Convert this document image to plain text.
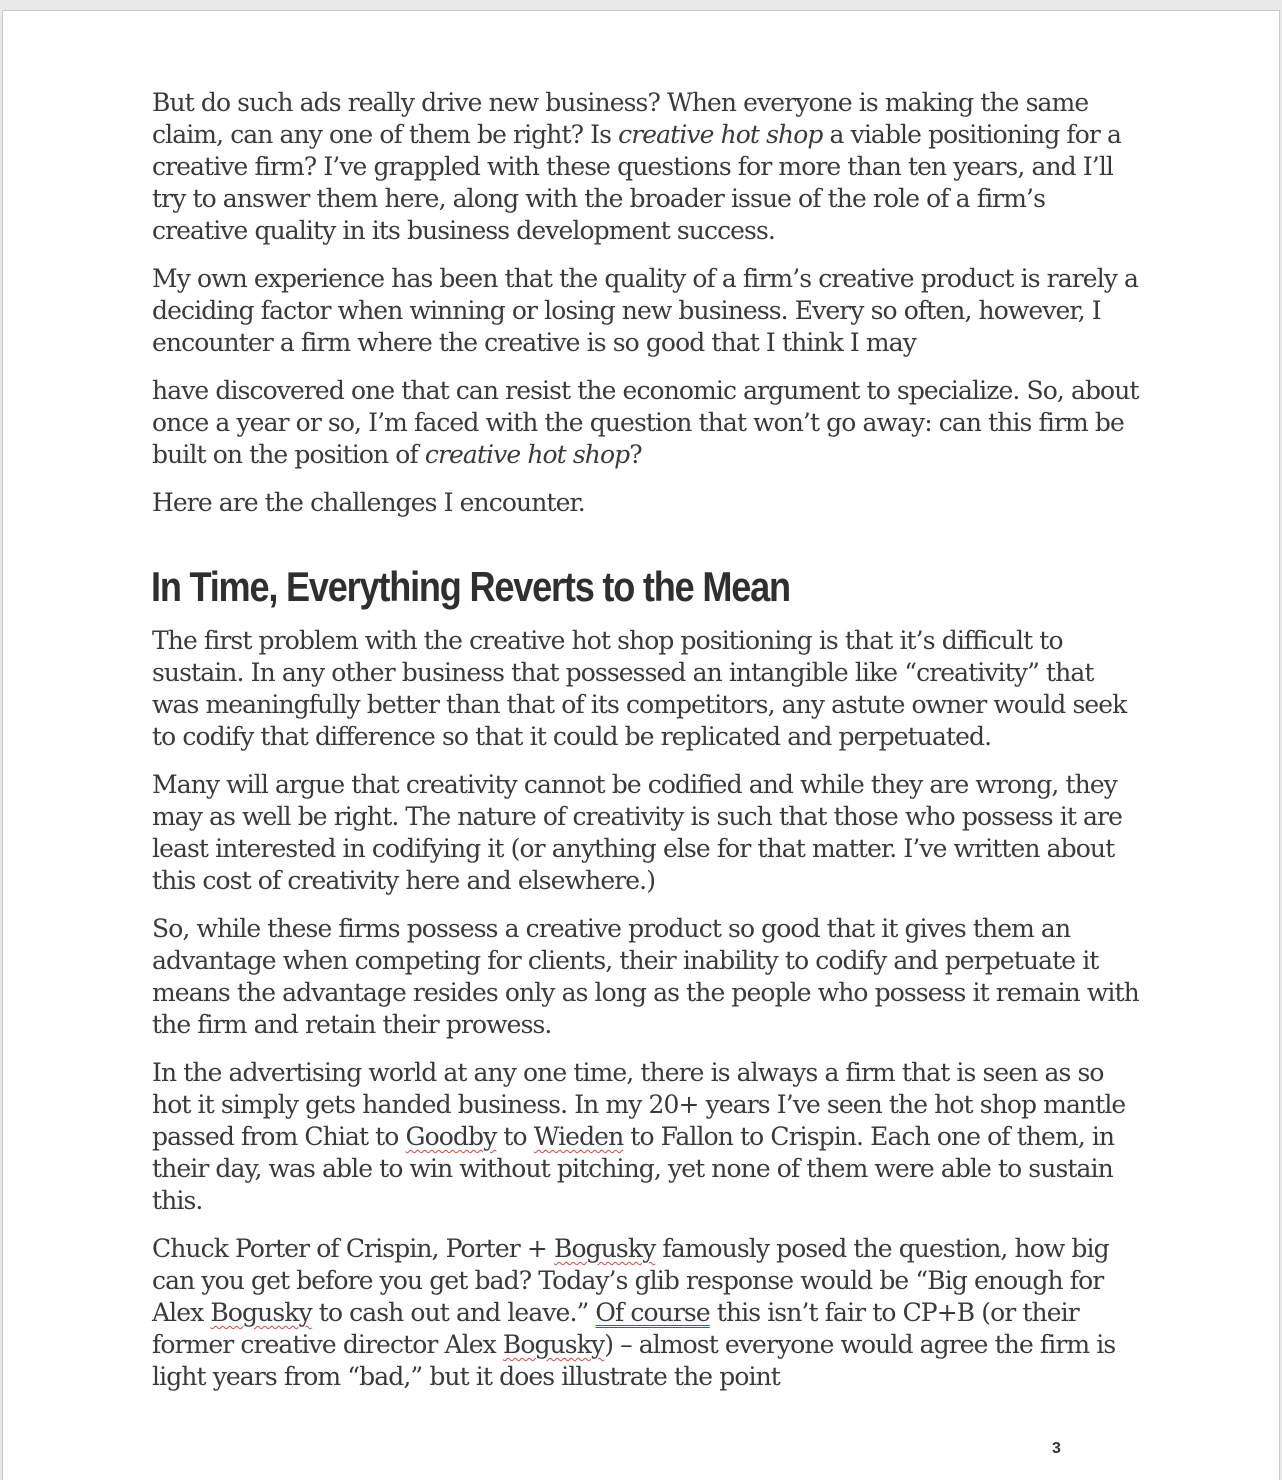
But do such ads really drive new business? When everyone is making the same claim, can any one of them be right? Is creative hot shop a viable positioning for a creative firm? I’ve grappled with these questions for more than ten years, and I’ll try to answer them here, along with the broader issue of the role of a firm’s creative quality in its business development success.

My own experience has been that the quality of a firm’s creative product is rarely a deciding factor when winning or losing new business. Every so often, however, I encounter a firm where the creative is so good that I think I may

have discovered one that can resist the economic argument to specialize. So, about once a year or so, I’m faced with the question that won’t go away: can this firm be built on the position of creative hot shop?

Here are the challenges I encounter.

In Time, Everything Reverts to the Mean

The first problem with the creative hot shop positioning is that it’s difficult to sustain. In any other business that possessed an intangible like “creativity” that was meaningfully better than that of its competitors, any astute owner would seek to codify that difference so that it could be replicated and perpetuated.

Many will argue that creativity cannot be codified and while they are wrong, they may as well be right. The nature of creativity is such that those who possess it are least interested in codifying it (or anything else for that matter. I’ve written about this cost of creativity here and elsewhere.)

So, while these firms possess a creative product so good that it gives them an advantage when competing for clients, their inability to codify and perpetuate it means the advantage resides only as long as the people who possess it remain with the firm and retain their prowess.

In the advertising world at any one time, there is always a firm that is seen as so hot it simply gets handed business. In my 20+ years I’ve seen the hot shop mantle passed from Chiat to Goodby to Wieden to Fallon to Crispin. Each one of them, in their day, was able to win without pitching, yet none of them were able to sustain this.

Chuck Porter of Crispin, Porter + Bogusky famously posed the question, how big can you get before you get bad? Today’s glib response would be “Big enough for Alex Bogusky to cash out and leave.” Of course this isn’t fair to CP+B (or their former creative director Alex Bogusky) – almost everyone would agree the firm is light years from “bad,” but it does illustrate the point

3
